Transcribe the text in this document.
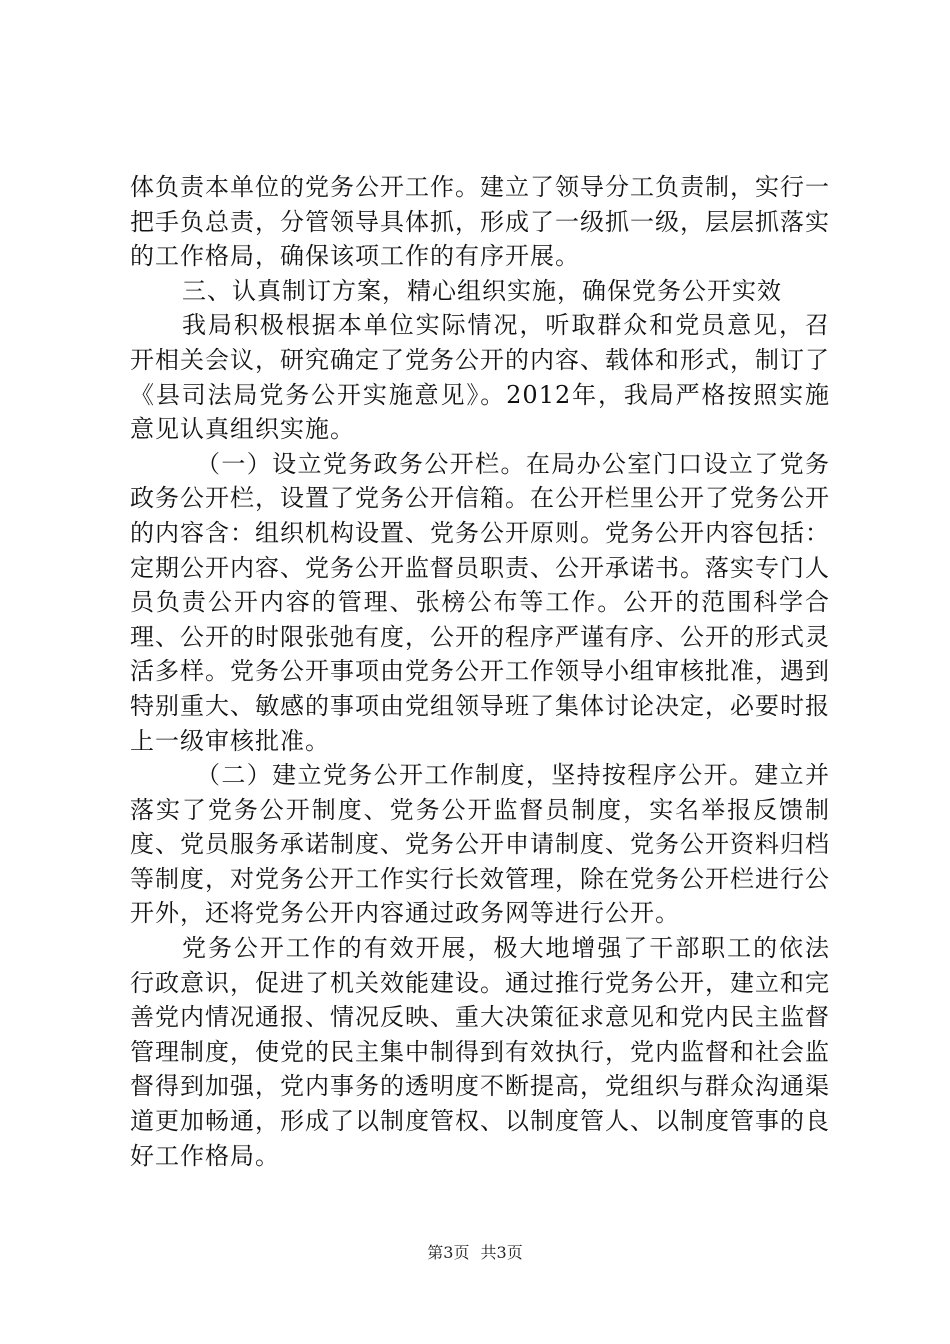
体负责本单位的党务公开工作。建立了领导分工负责制，实行一把手负总责，分管领导具体抓，形成了一级抓一级，层层抓落实的工作格局，确保该项工作的有序开展。

三、认真制订方案，精心组织实施，确保党务公开实效

我局积极根据本单位实际情况，听取群众和党员意见，召开相关会议，研究确定了党务公开的内容、载体和形式，制订了《县司法局党务公开实施意见》。2012年，我局严格按照实施意见认真组织实施。

（一）设立党务政务公开栏。在局办公室门口设立了党务政务公开栏，设置了党务公开信箱。在公开栏里公开了党务公开的内容含：组织机构设置、党务公开原则。党务公开内容包括：定期公开内容、党务公开监督员职责、公开承诺书。落实专门人员负责公开内容的管理、张榜公布等工作。公开的范围科学合理、公开的时限张弛有度，公开的程序严谨有序、公开的形式灵活多样。党务公开事项由党务公开工作领导小组审核批准，遇到特别重大、敏感的事项由党组领导班了集体讨论决定，必要时报上一级审核批准。

（二）建立党务公开工作制度，坚持按程序公开。建立并落实了党务公开制度、党务公开监督员制度，实名举报反馈制度、党员服务承诺制度、党务公开申请制度、党务公开资料归档等制度，对党务公开工作实行长效管理，除在党务公开栏进行公开外，还将党务公开内容通过政务网等进行公开。

党务公开工作的有效开展，极大地增强了干部职工的依法行政意识，促进了机关效能建设。通过推行党务公开，建立和完善党内情况通报、情况反映、重大决策征求意见和党内民主监督管理制度，使党的民主集中制得到有效执行，党内监督和社会监督得到加强，党内事务的透明度不断提高，党组织与群众沟通渠道更加畅通，形成了以制度管权、以制度管人、以制度管事的良好工作格局。

第3页 共3页
